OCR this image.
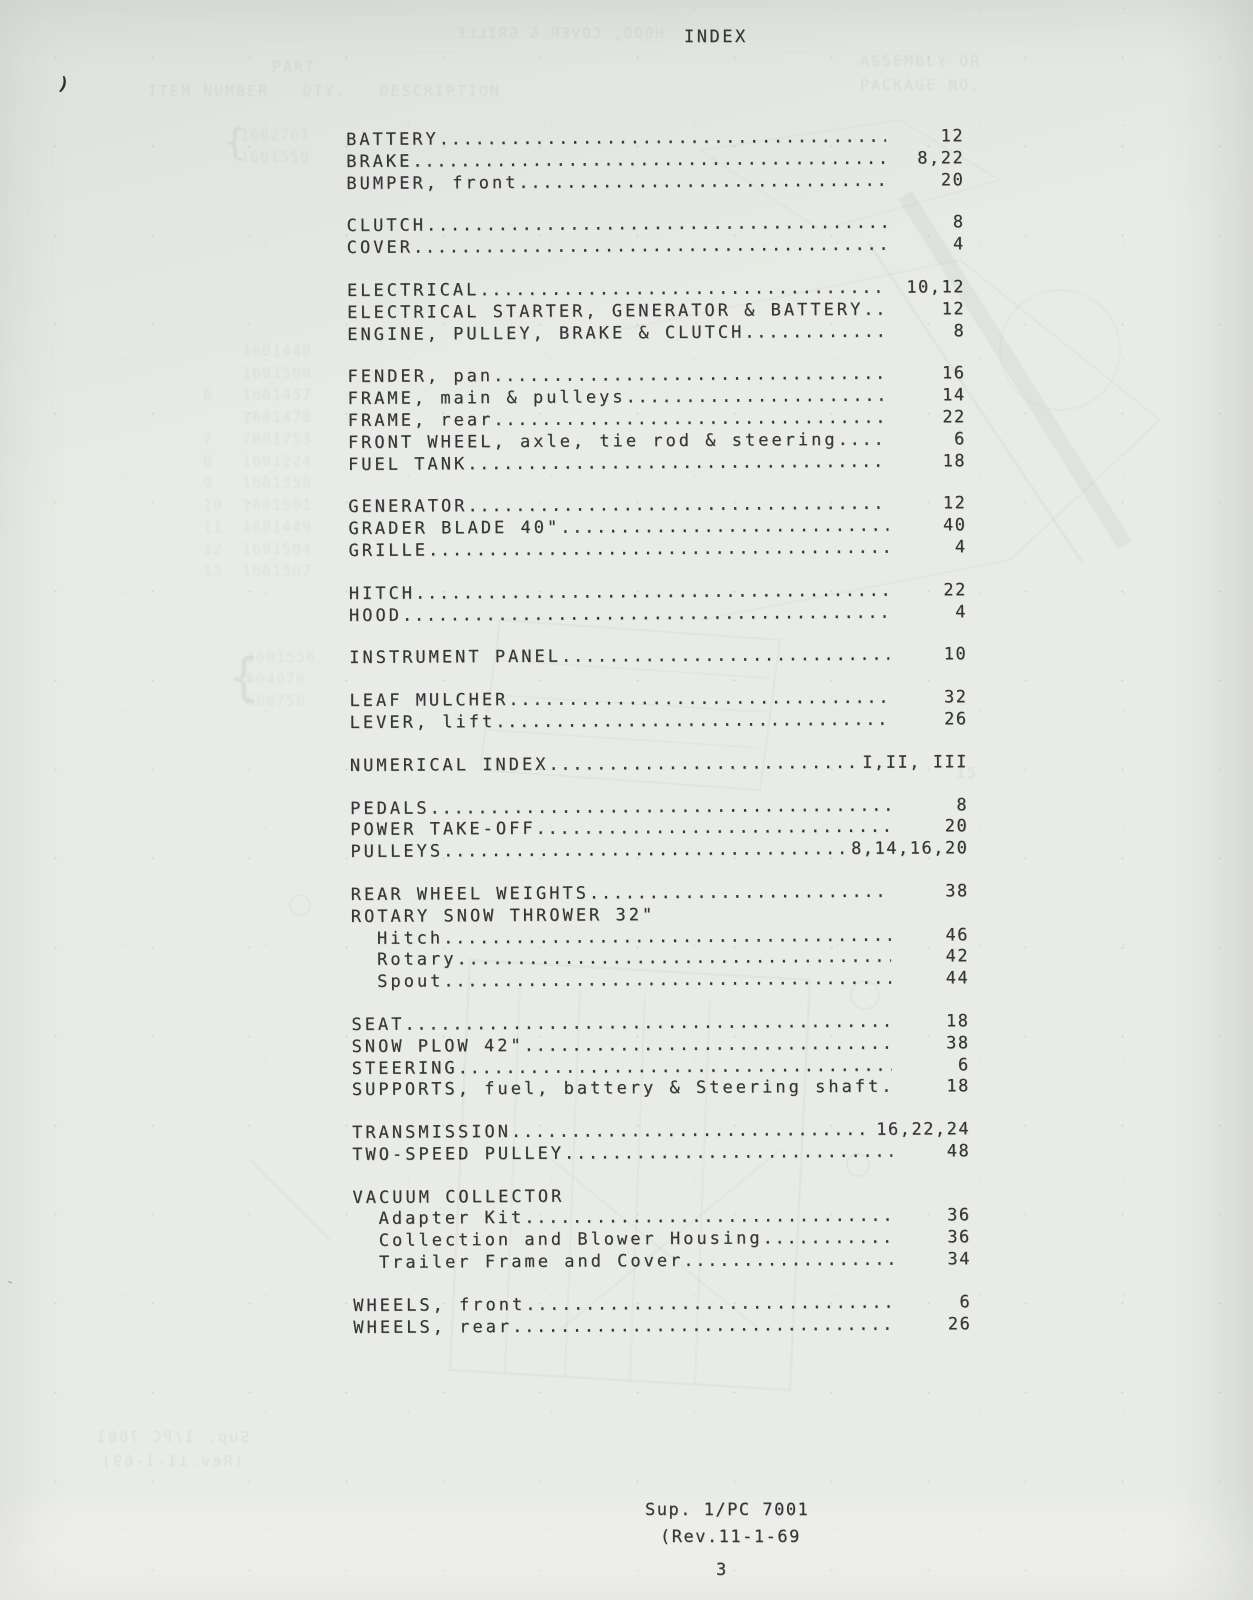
HOOD, COVER & GRILLE
PART
ITEM NUMBER   QTY.   DESCRIPTION
ASSEMBLY OR
PACKAGE NO.
15
1602761
1601550
{
6
7
8
9
10
11
12
13
1601448
1601500
1601457
1601478
7001753
1601224
1601350
1601501
1601449
1601504
1601507
1601556
604070
600750
{
Sup. 1/PC 7001
(Rev.11-1-69)
)
`
INDEX
BATTERY .....	12
BRAKE .....	8,22
BUMPER, front .....	20
CLUTCH .....	8
COVER .....	4
ELECTRICAL .....	10,12
ELECTRICAL STARTER, GENERATOR & BATTERY .....	12
ENGINE, PULLEY, BRAKE & CLUTCH .....	8
FENDER, pan .....	16
FRAME, main & pulleys .....	14
FRAME, rear .....	22
FRONT WHEEL, axle, tie rod & steering .....	6
FUEL TANK .....	18
GENERATOR .....	12
GRADER BLADE 40" .....	40
GRILLE .....	4
HITCH .....	22
HOOD .....	4
INSTRUMENT PANEL .....	10
LEAF MULCHER .....	32
LEVER, lift .....	26
NUMERICAL INDEX .....	I,II, III
PEDALS .....	8
POWER TAKE-OFF .....	20
PULLEYS .....	8,14,16,20
REAR WHEEL WEIGHTS .....	38
ROTARY SNOW THROWER 32"
Hitch .....	46
Rotary .....	42
Spout .....	44
SEAT .....	18
SNOW PLOW 42" .....	38
STEERING .....	6
SUPPORTS, fuel, battery & Steering shaft .....	18
TRANSMISSION .....	16,22,24
TWO-SPEED PULLEY .....	48
VACUUM COLLECTOR
Adapter Kit .....	36
Collection and Blower Housing .....	36
Trailer Frame and Cover .....	34
WHEELS, front .....	6
WHEELS, rear .....	26
Sup. 1/PC 7001
(Rev.11-1-69
3
